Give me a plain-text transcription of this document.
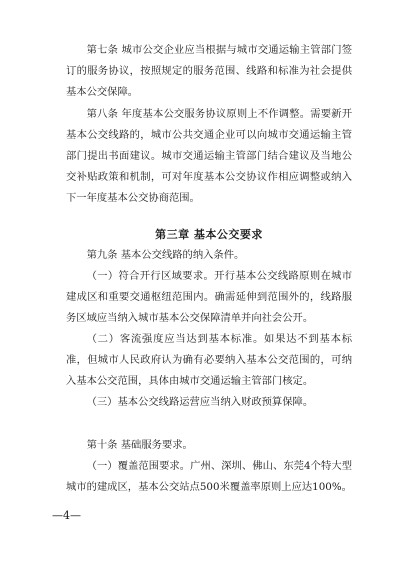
第七条 城市公交企业应当根据与城市交通运输主管部门签订的服务协议，按照规定的服务范围、线路和标准为社会提供基本公交保障。

第八条 年度基本公交服务协议原则上不作调整。需要新开基本公交线路的，城市公共交通企业可以向城市交通运输主管部门提出书面建议。城市交通运输主管部门结合建议及当地公交补贴政策和机制，可对年度基本公交协议作相应调整或纳入下一年度基本公交协商范围。

第三章 基本公交要求

第九条 基本公交线路的纳入条件。

（一）符合开行区域要求。开行基本公交线路原则在城市建成区和重要交通枢纽范围内。确需延伸到范围外的，线路服务区域应当纳入城市基本公交保障清单并向社会公开。

（二）客流强度应当达到基本标准。如果达不到基本标准，但城市人民政府认为确有必要纳入基本公交范围的，可纳入基本公交范围，具体由城市交通运输主管部门核定。

（三）基本公交线路运营应当纳入财政预算保障。

第十条 基础服务要求。

（一）覆盖范围要求。广州、深圳、佛山、东莞4个特大型城市的建成区，基本公交站点500米覆盖率原则上应达100%。

—4—
